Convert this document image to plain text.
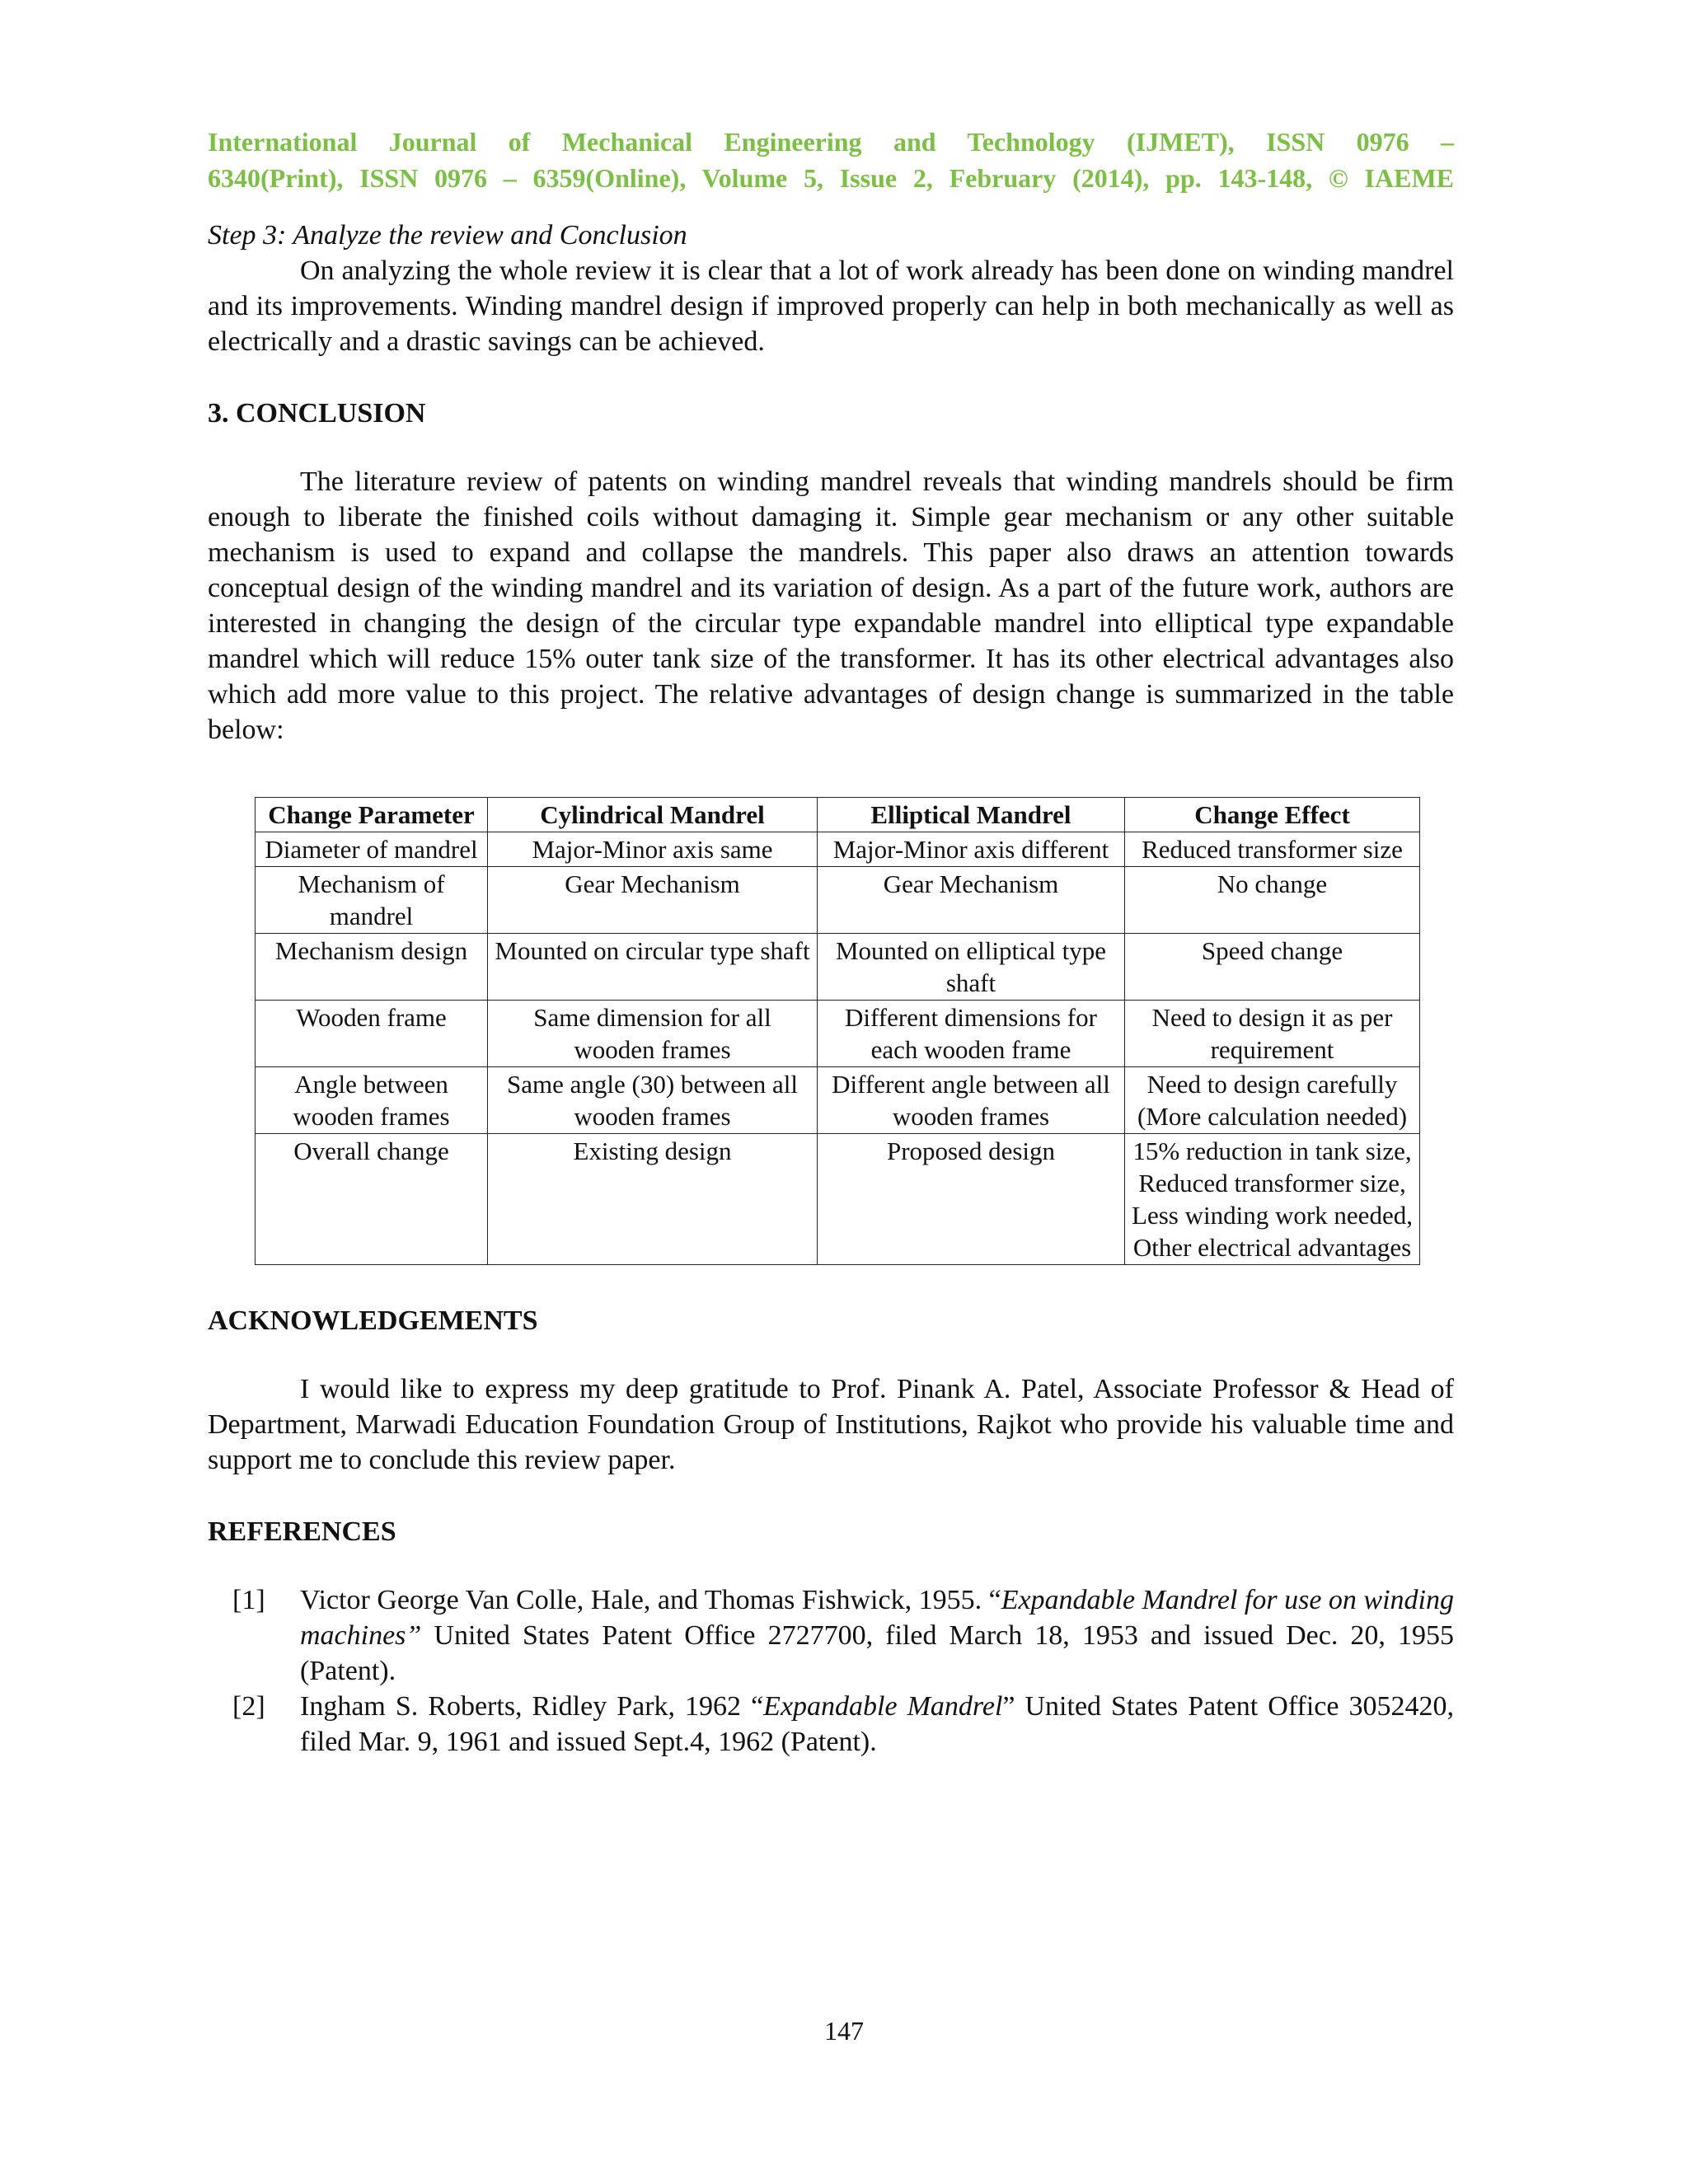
International Journal of Mechanical Engineering and Technology (IJMET), ISSN 0976 –
6340(Print), ISSN 0976 – 6359(Online), Volume 5, Issue 2, February (2014), pp. 143-148, © IAEME
Step 3: Analyze the review and Conclusion

On analyzing the whole review it is clear that a lot of work already has been done on winding mandrel and its improvements. Winding mandrel design if improved properly can help in both mechanically as well as electrically and a drastic savings can be achieved.

3. CONCLUSION

The literature review of patents on winding mandrel reveals that winding mandrels should be firm enough to liberate the finished coils without damaging it. Simple gear mechanism or any other suitable mechanism is used to expand and collapse the mandrels. This paper also draws an attention towards conceptual design of the winding mandrel and its variation of design. As a part of the future work, authors are interested in changing the design of the circular type expandable mandrel into elliptical type expandable mandrel which will reduce 15% outer tank size of the transformer. It has its other electrical advantages also which add more value to this project. The relative advantages of design change is summarized in the table below:

Change Parameter	Cylindrical Mandrel	Elliptical Mandrel	Change Effect
Diameter of mandrel	Major-Minor axis same	Major-Minor axis different	Reduced transformer size
Mechanism of mandrel	Gear Mechanism	Gear Mechanism	No change
Mechanism design	Mounted on circular type shaft	Mounted on elliptical type shaft	Speed change
Wooden frame	Same dimension for all wooden frames	Different dimensions for each wooden frame	Need to design it as per requirement
Angle between wooden frames	Same angle (30) between all wooden frames	Different angle between all wooden frames	Need to design carefully (More calculation needed)
Overall change	Existing design	Proposed design	15% reduction in tank size,
Reduced transformer size,
Less winding work needed,
Other electrical advantages
ACKNOWLEDGEMENTS

I would like to express my deep gratitude to Prof. Pinank A. Patel, Associate Professor & Head of Department, Marwadi Education Foundation Group of Institutions, Rajkot who provide his valuable time and support me to conclude this review paper.

REFERENCES
[1]	Victor George Van Colle, Hale, and Thomas Fishwick, 1955. “Expandable Mandrel for use on winding machines” United States Patent Office 2727700, filed March 18, 1953 and issued Dec. 20, 1955 (Patent).
[2]	Ingham S. Roberts, Ridley Park, 1962 “Expandable Mandrel” United States Patent Office 3052420, filed Mar. 9, 1961 and issued Sept.4, 1962 (Patent).
147
